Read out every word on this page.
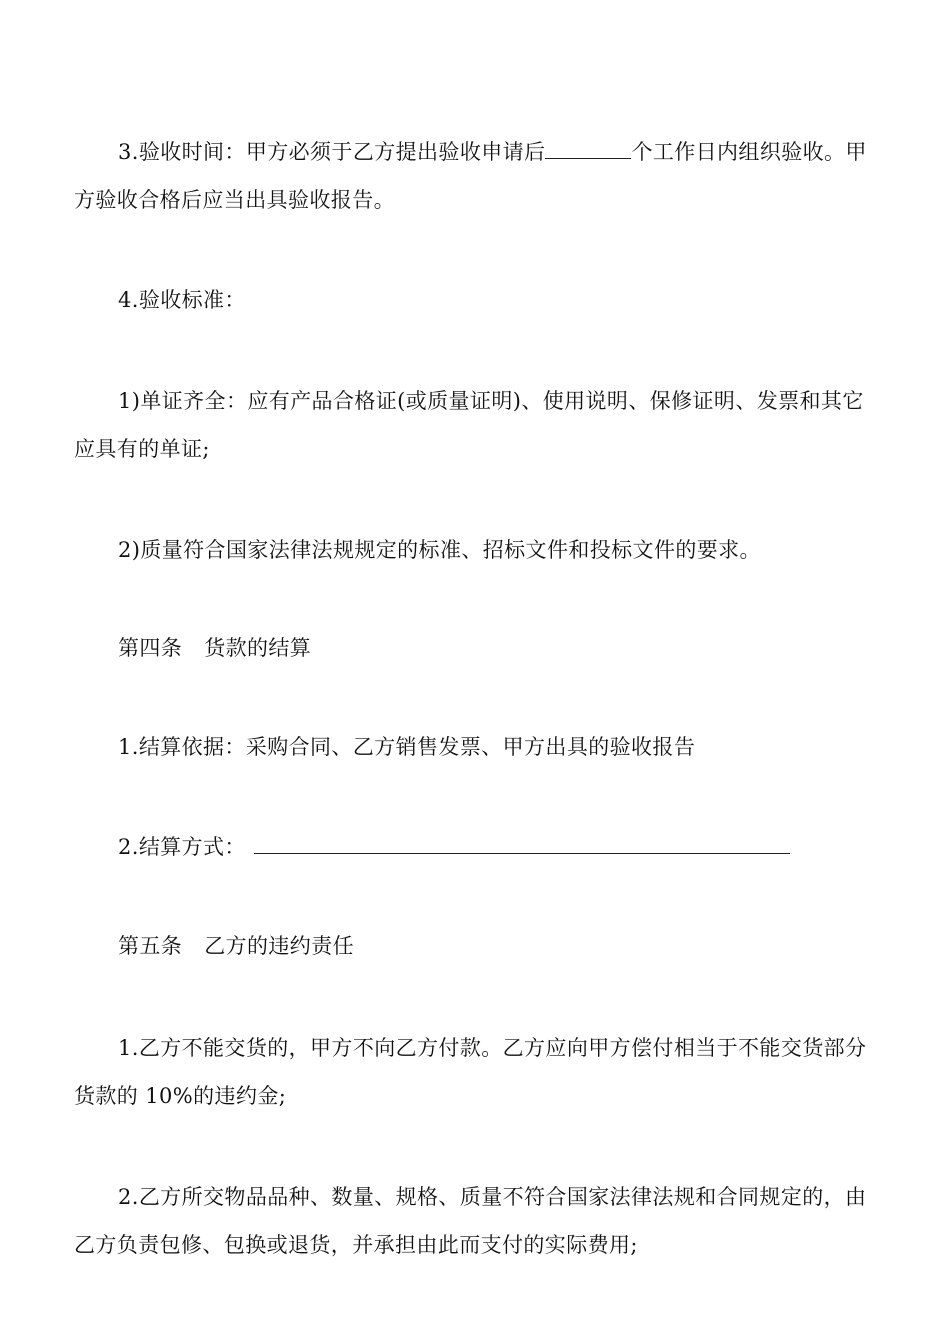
3.验收时间：甲方必须于乙方提出验收申请后	个工作日内组织验收。甲方验收合格后应当出具验收报告。

4.验收标准：

1)单证齐全：应有产品合格证(或质量证明)、使用说明、保修证明、发票和其它应具有的单证;

2)质量符合国家法律法规规定的标准、招标文件和投标文件的要求。

第四条 货款的结算

1.结算依据：采购合同、乙方销售发票、甲方出具的验收报告

2.结算方式：

第五条 乙方的违约责任

1.乙方不能交货的，甲方不向乙方付款。乙方应向甲方偿付相当于不能交货部分货款的 10%的违约金;

2.乙方所交物品品种、数量、规格、质量不符合国家法律法规和合同规定的，由乙方负责包修、包换或退货，并承担由此而支付的实际费用;
